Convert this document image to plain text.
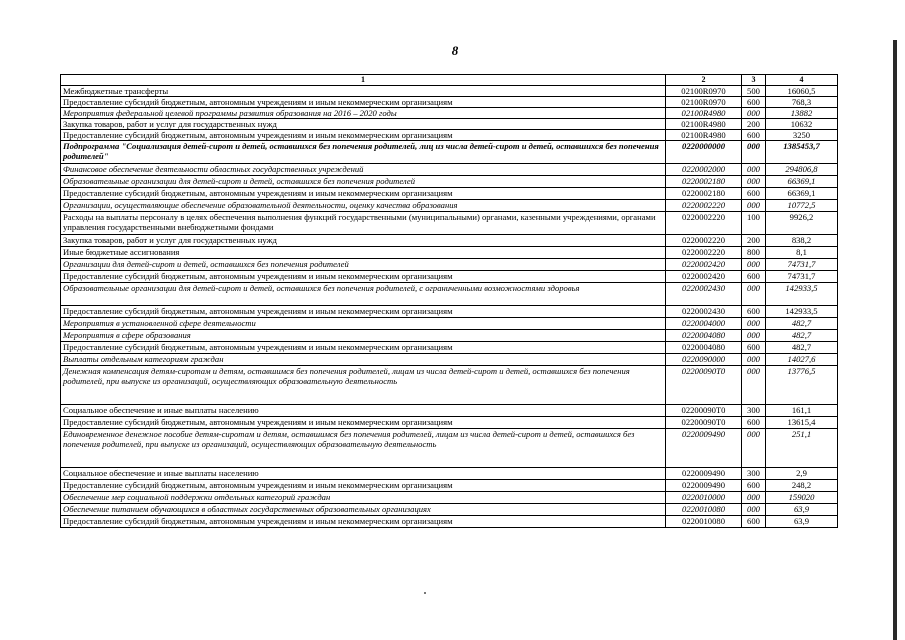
8
1	2	3	4
Межбюджетные трансферты	02100R0970	500	16060,5
Предоставление субсидий бюджетным, автономным учреждениям и иным некоммерческим организациям	02100R0970	600	768,3
Мероприятия федеральной целевой программы развития образования на 2016 – 2020 годы	02100R4980	000	13882
Закупка товаров, работ и услуг для государственных нужд	02100R4980	200	10632
Предоставление субсидий бюджетным, автономным учреждениям и иным некоммерческим организациям	02100R4980	600	3250
Подпрограмма "Социализация детей-сирот и детей, оставшихся без попечения родителей, лиц из числа детей-сирот и детей, оставшихся без попечения родителей"	0220000000	000	1385453,7
Финансовое обеспечение деятельности областных государственных учреждений	0220002000	000	294806,8
Образовательные организации для детей-сирот и детей, оставшихся без попечения родителей	0220002180	000	66369,1
Предоставление субсидий бюджетным, автономным учреждениям и иным некоммерческим организациям	0220002180	600	66369,1
Организации, осуществляющие обеспечение образовательной деятельности, оценку качества образования	0220002220	000	10772,5
Расходы на выплаты персоналу в целях обеспечения выполнения функций государственными (муниципальными) органами, казенными учреждениями, органами управления государственными внебюджетными фондами	0220002220	100	9926,2
Закупка товаров, работ и услуг для государственных нужд	0220002220	200	838,2
Иные бюджетные ассигнования	0220002220	800	8,1
Организации для детей-сирот и детей, оставшихся без попечения родителей	0220002420	000	74731,7
Предоставление субсидий бюджетным, автономным учреждениям и иным некоммерческим организациям	0220002420	600	74731,7
Образовательные организации для детей-сирот и детей, оставшихся без попечения родителей, с ограниченными возможностями здоровья	0220002430	000	142933,5
Предоставление субсидий бюджетным, автономным учреждениям и иным некоммерческим организациям	0220002430	600	142933,5
Мероприятия в установленной сфере деятельности	0220004000	000	482,7
Мероприятия в сфере образования	0220004080	000	482,7
Предоставление субсидий бюджетным, автономным учреждениям и иным некоммерческим организациям	0220004080	600	482,7
Выплаты отдельным категориям граждан	0220090000	000	14027,6
Денежная компенсация детям-сиротам и детям, оставшимся без попечения родителей, лицам из числа детей-сирот и детей, оставшихся без попечения родителей, при выпуске из организаций, осуществляющих образовательную деятельность	02200090Т0	000	13776,5
Социальное обеспечение и иные выплаты населению	02200090Т0	300	161,1
Предоставление субсидий бюджетным, автономным учреждениям и иным некоммерческим организациям	02200090Т0	600	13615,4
Единовременное денежное пособие детям-сиротам и детям, оставшимся без попечения родителей, лицам из числа детей-сирот и детей, оставшихся без попечения родителей, при выпуске из организаций, осуществляющих образовательную деятельность	0220009490	000	251,1
Социальное обеспечение и иные выплаты населению	0220009490	300	2,9
Предоставление субсидий бюджетным, автономным учреждениям и иным некоммерческим организациям	0220009490	600	248,2
Обеспечение мер социальной поддержки отдельных категорий граждан	0220010000	000	159020
Обеспечение питанием обучающихся в областных государственных образовательных организациях	0220010080	000	63,9
Предоставление субсидий бюджетным, автономным учреждениям и иным некоммерческим организациям	0220010080	600	63,9
